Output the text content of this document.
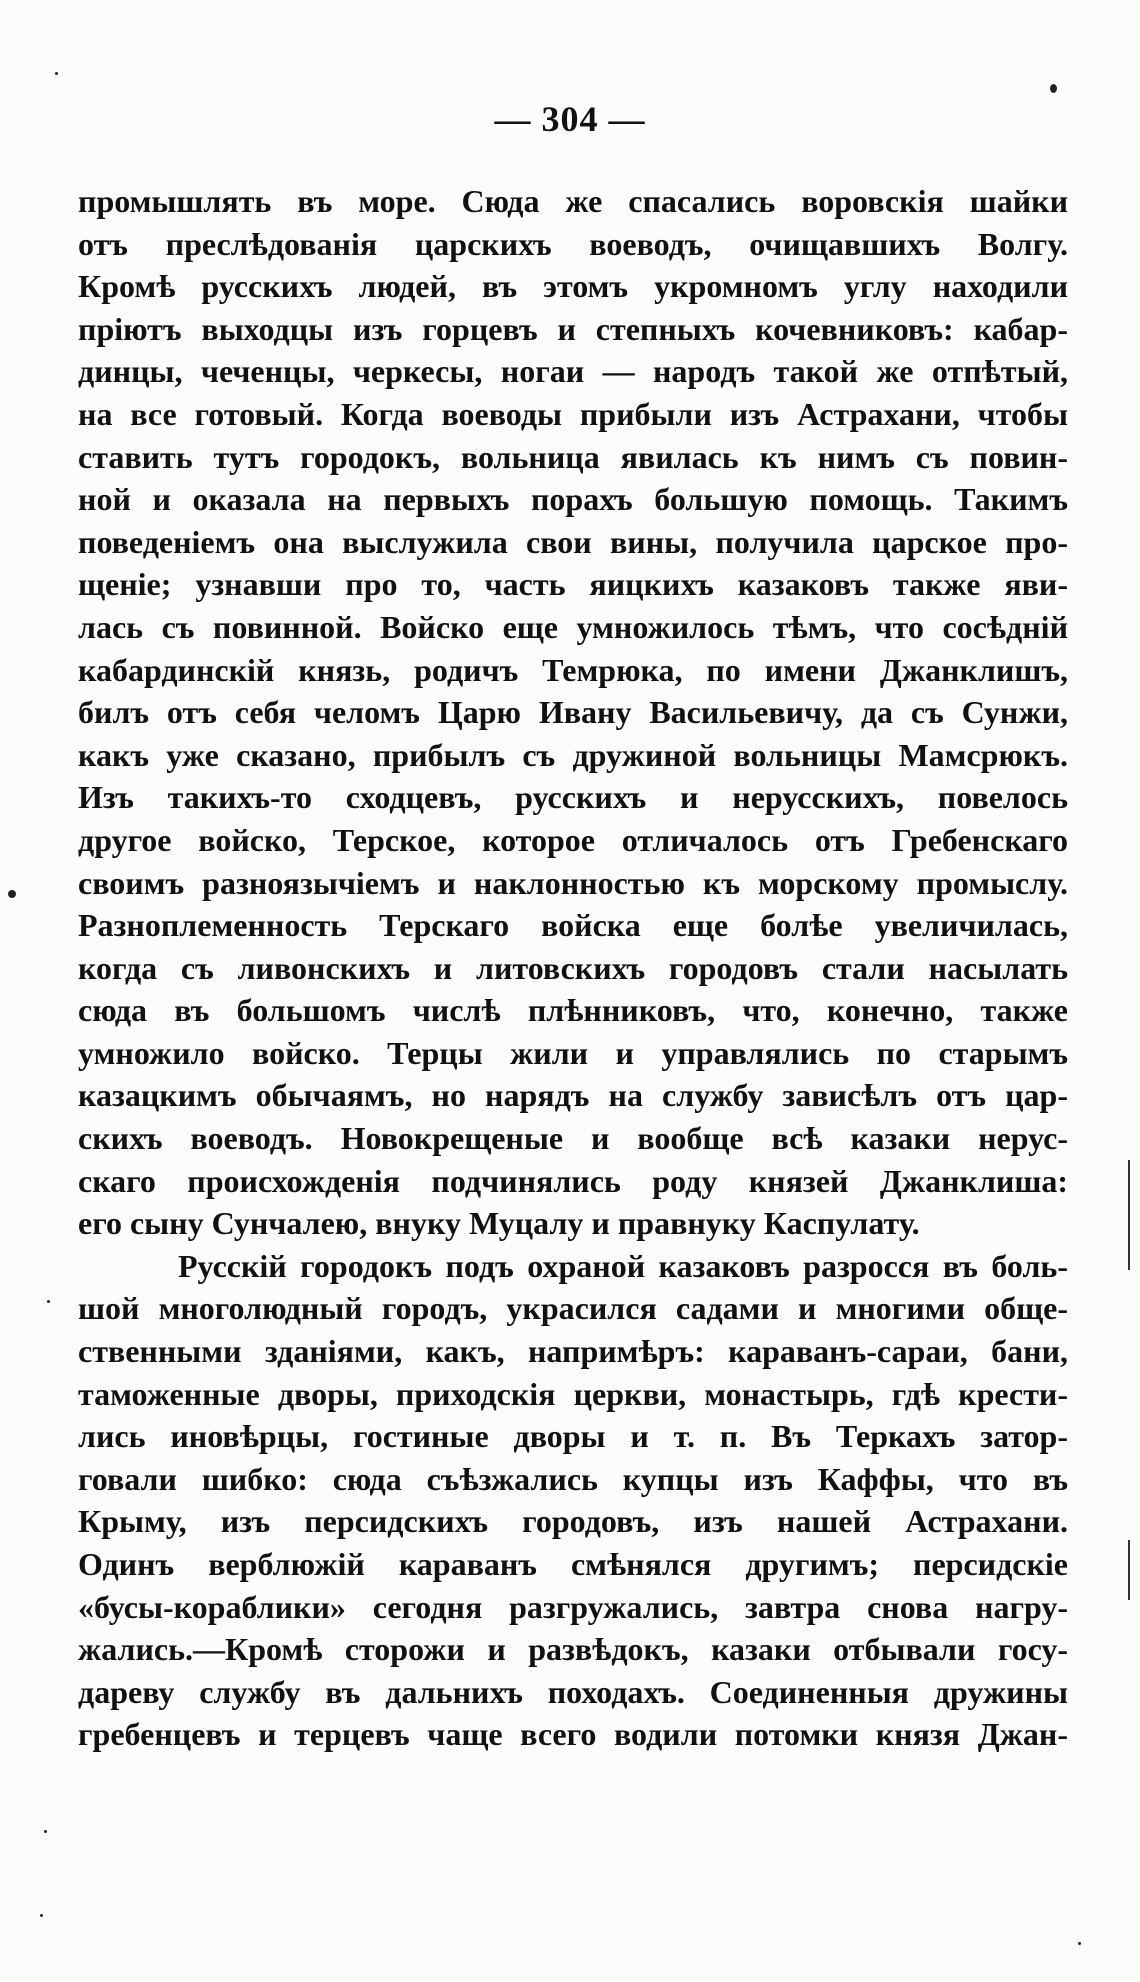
— 304 —
промышлять въ море. Сюда же спасались воровскія шайки
отъ преслѣдованія царскихъ воеводъ, очищавшихъ Волгу.
Кромѣ русскихъ людей, въ этомъ укромномъ углу находили
пріютъ выходцы изъ горцевъ и степныхъ кочевниковъ: кабар-
динцы, чеченцы, черкесы, ногаи — народъ такой же отпѣтый,
на все готовый. Когда воеводы прибыли изъ Астрахани, чтобы
ставить тутъ городокъ, вольница явилась къ нимъ съ повин-
ной и оказала на первыхъ порахъ большую помощь. Такимъ
поведеніемъ она выслужила свои вины, получила царское про-
щеніе; узнавши про то, часть яицкихъ казаковъ также яви-
лась съ повинной. Войско еще умножилось тѣмъ, что сосѣдній
кабардинскій князь, родичъ Темрюка, по имени Джанклишъ,
билъ отъ себя челомъ Царю Ивану Васильевичу, да съ Сунжи,
какъ уже сказано, прибылъ съ дружиной вольницы Мамсрюкъ.
Изъ такихъ-то сходцевъ, русскихъ и нерусскихъ, повелось
другое войско, Терское, которое отличалось отъ Гребенскаго
своимъ разноязычіемъ и наклонностью къ морскому промыслу.
Разноплеменность Терскаго войска еще болѣе увеличилась,
когда съ ливонскихъ и литовскихъ городовъ стали насылать
сюда въ большомъ числѣ плѣнниковъ, что, конечно, также
умножило войско. Терцы жили и управлялись по старымъ
казацкимъ обычаямъ, но нарядъ на службу зависѣлъ отъ цар-
скихъ воеводъ. Новокрещеные и вообще всѣ казаки нерус-
скаго происхожденія подчинялись роду князей Джанклиша:
его сыну Сунчалею, внуку Муцалу и правнуку Каспулату.
Русскій городокъ подъ охраной казаковъ разросся въ боль-
шой многолюдный городъ, украсился садами и многими обще-
ственными зданіями, какъ, напримѣръ: караванъ-сараи, бани,
таможенные дворы, приходскія церкви, монастырь, гдѣ крести-
лись иновѣрцы, гостиные дворы и т. п. Въ Теркахъ затор-
говали шибко: сюда съѣзжались купцы изъ Каффы, что въ
Крыму, изъ персидскихъ городовъ, изъ нашей Астрахани.
Одинъ верблюжій караванъ смѣнялся другимъ; персидскіе
«бусы-кораблики» сегодня разгружались, завтра снова нагру-
жались.—Кромѣ сторожи и развѣдокъ, казаки отбывали госу-
дареву службу въ дальнихъ походахъ. Соединенныя дружины
гребенцевъ и терцевъ чаще всего водили потомки князя Джан-
